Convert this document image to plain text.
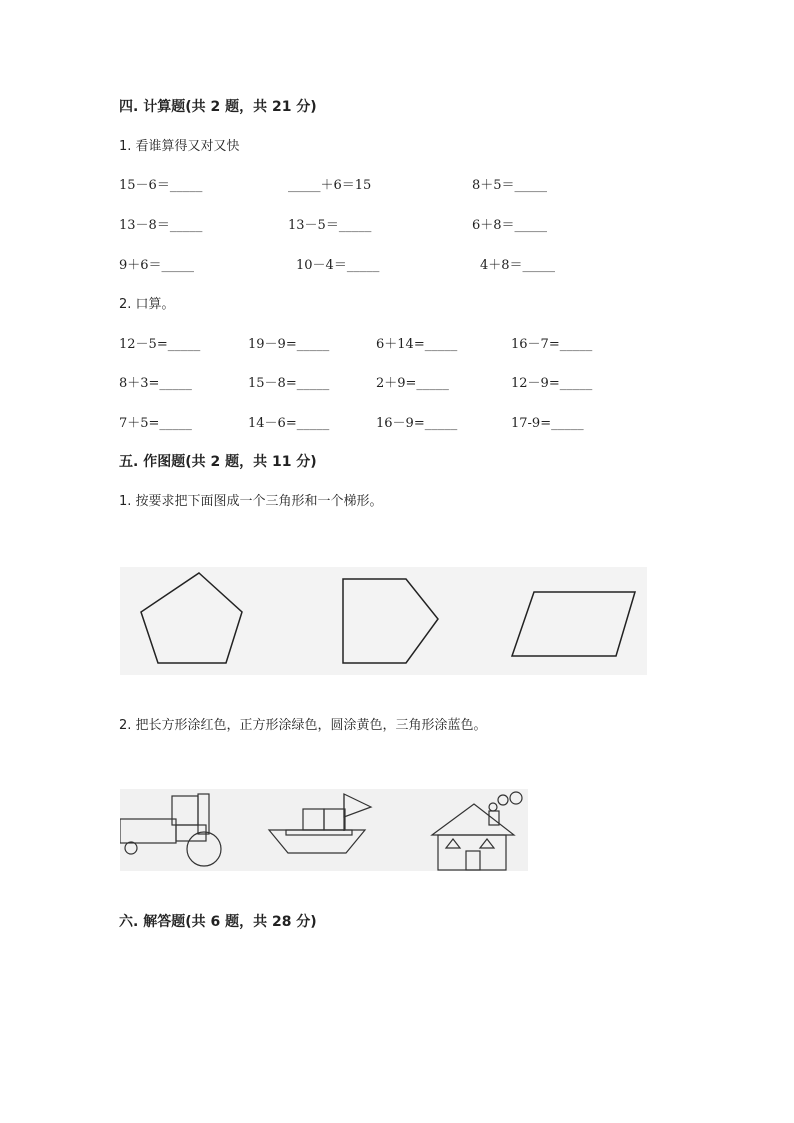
四. 计算题(共 2 题，共 21 分)
1. 看谁算得又对又快
15－6＝_____	_____＋6＝15	8＋5＝_____
13－8＝_____	13－5＝_____	6＋8＝_____
9＋6＝_____	10－4＝_____	4＋8＝_____
2. 口算。
12－5=_____	19－9=_____	6＋14=_____	16－7=_____
8＋3=_____	15－8=_____	2＋9=_____	12－9=_____
7＋5=_____	14－6=_____	16－9=_____	17-9=_____
五. 作图题(共 2 题，共 11 分)
1. 按要求把下面图成一个三角形和一个梯形。
2. 把长方形涂红色，正方形涂绿色，圆涂黄色，三角形涂蓝色。
六. 解答题(共 6 题，共 28 分)
